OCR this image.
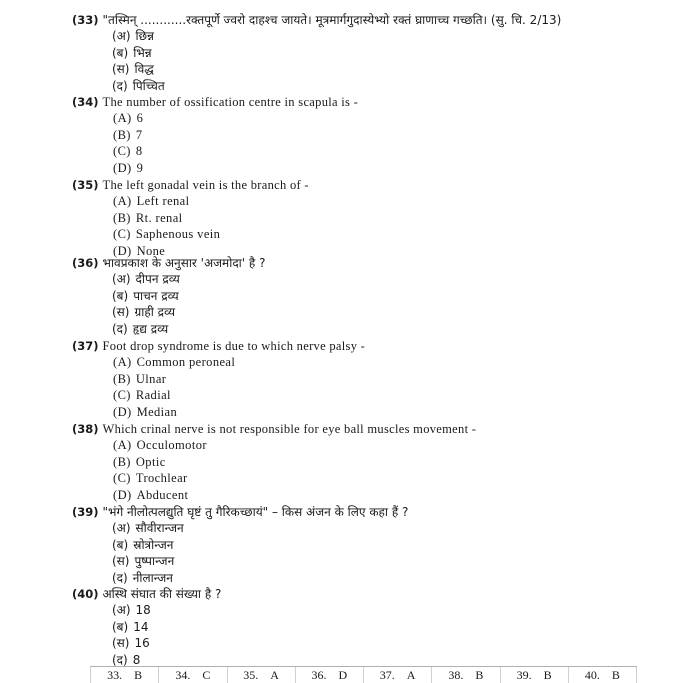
(33) "तस्मिन् ............रक्तपूर्णे ज्वरो दाहश्च जायते। मूत्रमार्गगुदास्येभ्यो रक्तं घ्राणाच्च गच्छति। (सु. चि. 2/13)
(अ) छिन्न
(ब) भिन्न
(स) विद्ध
(द) पिच्चित
(34) The number of ossification centre in scapula is -
(A) 6
(B) 7
(C) 8
(D) 9
(35) The left gonadal vein is the branch of -
(A) Left renal
(B) Rt. renal
(C) Saphenous vein
(D) None
(36) भावप्रकाश के अनुसार 'अजमोदा' है ?
(अ) दीपन द्रव्य
(ब) पाचन द्रव्य
(स) ग्राही द्रव्य
(द) हृद्य द्रव्य
(37) Foot drop syndrome is due to which nerve palsy -
(A) Common peroneal
(B) Ulnar
(C) Radial
(D) Median
(38) Which crinal nerve is not responsible for eye ball muscles movement -
(A) Occulomotor
(B) Optic
(C) Trochlear
(D) Abducent
(39) "भंगे नीलोत्पलद्युति घृष्टं तु गैरिकच्छायं" – किस अंजन के लिए कहा हैं ?
(अ) सौवीरान्जन
(ब) स्रोत्रोन्जन
(स) पुष्पान्जन
(द) नीलान्जन
(40) अस्थि संघात की संख्या है ?
(अ) 18
(ब) 14
(स) 16
(द) 8
33. B	34. C	35. A	36. D	37. A	38. B	39. B	40. B
